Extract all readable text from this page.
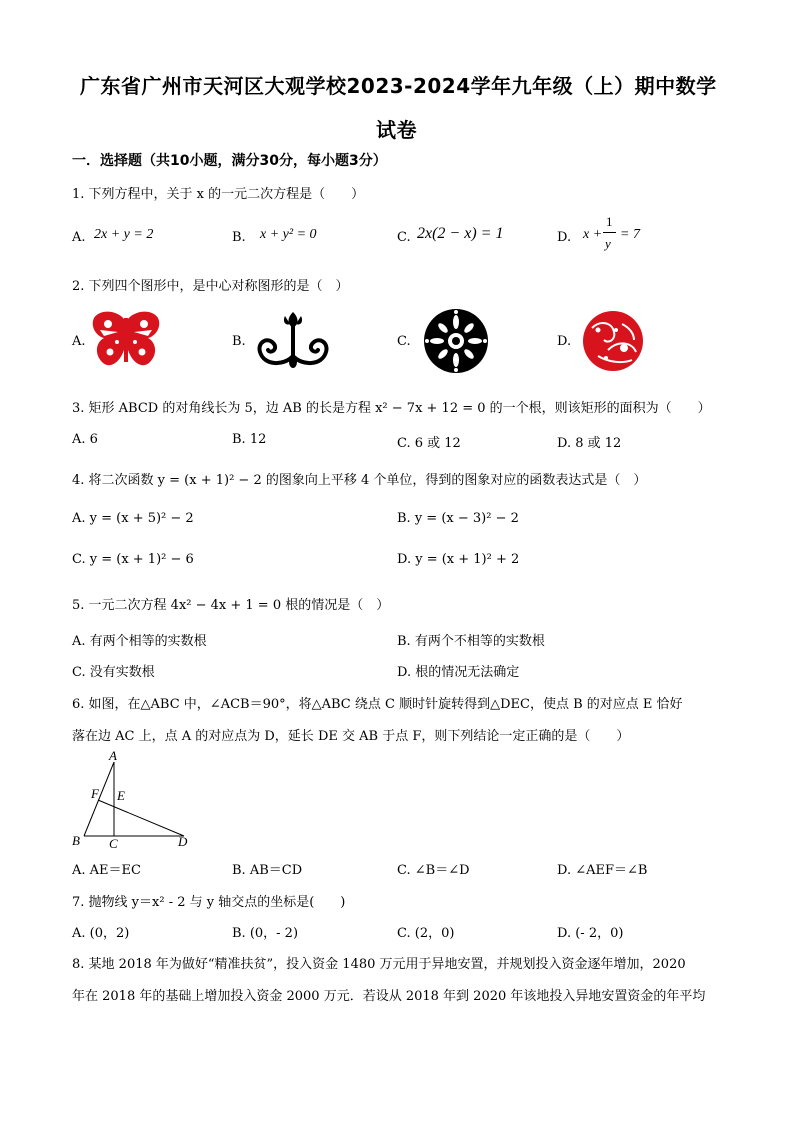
广东省广州市天河区大观学校2023-2024学年九年级（上）期中数学
试卷
一．选择题（共10小题，满分30分，每小题3分）
1. 下列方程中，关于 x 的一元二次方程是（　　）
A. 2x + y = 2	B. x + y² = 0	C. 2x(2 − x) = 1	D. x +
1
y
= 7
2. 下列四个图形中，是中心对称图形的是（　）
A.	B.	C.	D.
3. 矩形 ABCD 的对角线长为 5，边 AB 的长是方程 x² − 7x + 12 = 0 的一个根，则该矩形的面积为（　　）
A. 6	B. 12	C. 6 或 12	D. 8 或 12
4. 将二次函数 y = (x + 1)² − 2 的图象向上平移 4 个单位，得到的图象对应的函数表达式是（　）
A. y = (x + 5)² − 2	B. y = (x − 3)² − 2
C. y = (x + 1)² − 6	D. y = (x + 1)² + 2
5. 一元二次方程 4x² − 4x + 1 = 0 根的情况是（　）
A. 有两个相等的实数根	B. 有两个不相等的实数根
C. 没有实数根	D. 根的情况无法确定
6. 如图，在△ABC 中，∠ACB＝90°，将△ABC 绕点 C 顺时针旋转得到△DEC，使点 B 的对应点 E 恰好
落在边 AC 上，点 A 的对应点为 D，延长 DE 交 AB 于点 F，则下列结论一定正确的是（　　）
A
B C	D
E
F
A. AE＝EC	B. AB＝CD	C. ∠B＝∠D	D. ∠AEF＝∠B
7. 抛物线 y＝x² - 2 与 y 轴交点的坐标是(　　)
A. (0，2)	B. (0，- 2)	C. (2，0)	D. (- 2，0)
8. 某地 2018 年为做好“精准扶贫”，投入资金 1480 万元用于异地安置，并规划投入资金逐年增加，2020
年在 2018 年的基础上增加投入资金 2000 万元．若设从 2018 年到 2020 年该地投入异地安置资金的年平均
